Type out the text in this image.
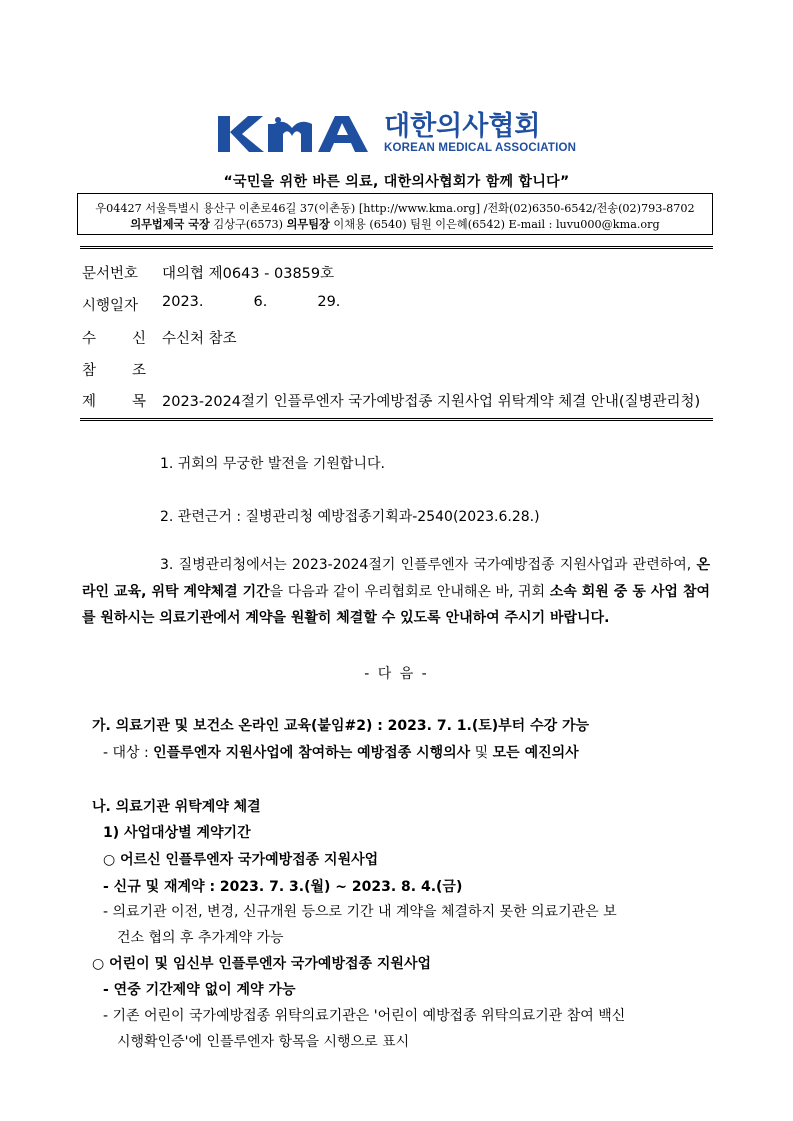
대한의사협회
KOREAN MEDICAL ASSOCIATION
“국민을 위한 바른 의료, 대한의사협회가 함께 합니다”
우04427 서울특별시 용산구 이촌로46길 37(이촌동) [http://www.kma.org] /전화(02)6350-6542/전송(02)793-8702
의무법제국 국장 김상구(6573) 의무팀장 이채용 (6540) 팀원 이은혜(6542) E-mail : luvu000@kma.org
문서번호	대의협 제0643 - 03859호
시행일자	2023.	6.	29.
수 신 수신처 참조
참 조
제 목 2023-2024절기 인플루엔자 국가예방접종 지원사업 위탁계약 체결 안내(질병관리청)
1. 귀회의 무궁한 발전을 기원합니다.
2. 관련근거 : 질병관리청 예방접종기획과-2540(2023.6.28.)
3. 질병관리청에서는 2023-2024절기 인플루엔자 국가예방접종 지원사업과 관련하여, 온라인 교육, 위탁 계약체결 기간을 다음과 같이 우리협회로 안내해온 바, 귀회 소속 회원 중 동 사업 참여를 원하시는 의료기관에서 계약을 원활히 체결할 수 있도록 안내하여 주시기 바랍니다.
- 다 음 -
가. 의료기관 및 보건소 온라인 교육(붙임#2) : 2023. 7. 1.(토)부터 수강 가능
- 대상 : 인플루엔자 지원사업에 참여하는 예방접종 시행의사 및 모든 예진의사
나. 의료기관 위탁계약 체결
1) 사업대상별 계약기간
○ 어르신 인플루엔자 국가예방접종 지원사업
- 신규 및 재계약 : 2023. 7. 3.(월) ~ 2023. 8. 4.(금)
- 의료기관 이전, 변경, 신규개원 등으로 기간 내 계약을 체결하지 못한 의료기관은 보
건소 협의 후 추가계약 가능
○ 어린이 및 임신부 인플루엔자 국가예방접종 지원사업
- 연중 기간제약 없이 계약 가능
- 기존 어린이 국가예방접종 위탁의료기관은 '어린이 예방접종 위탁의료기관 참여 백신
시행확인증'에 인플루엔자 항목을 시행으로 표시
